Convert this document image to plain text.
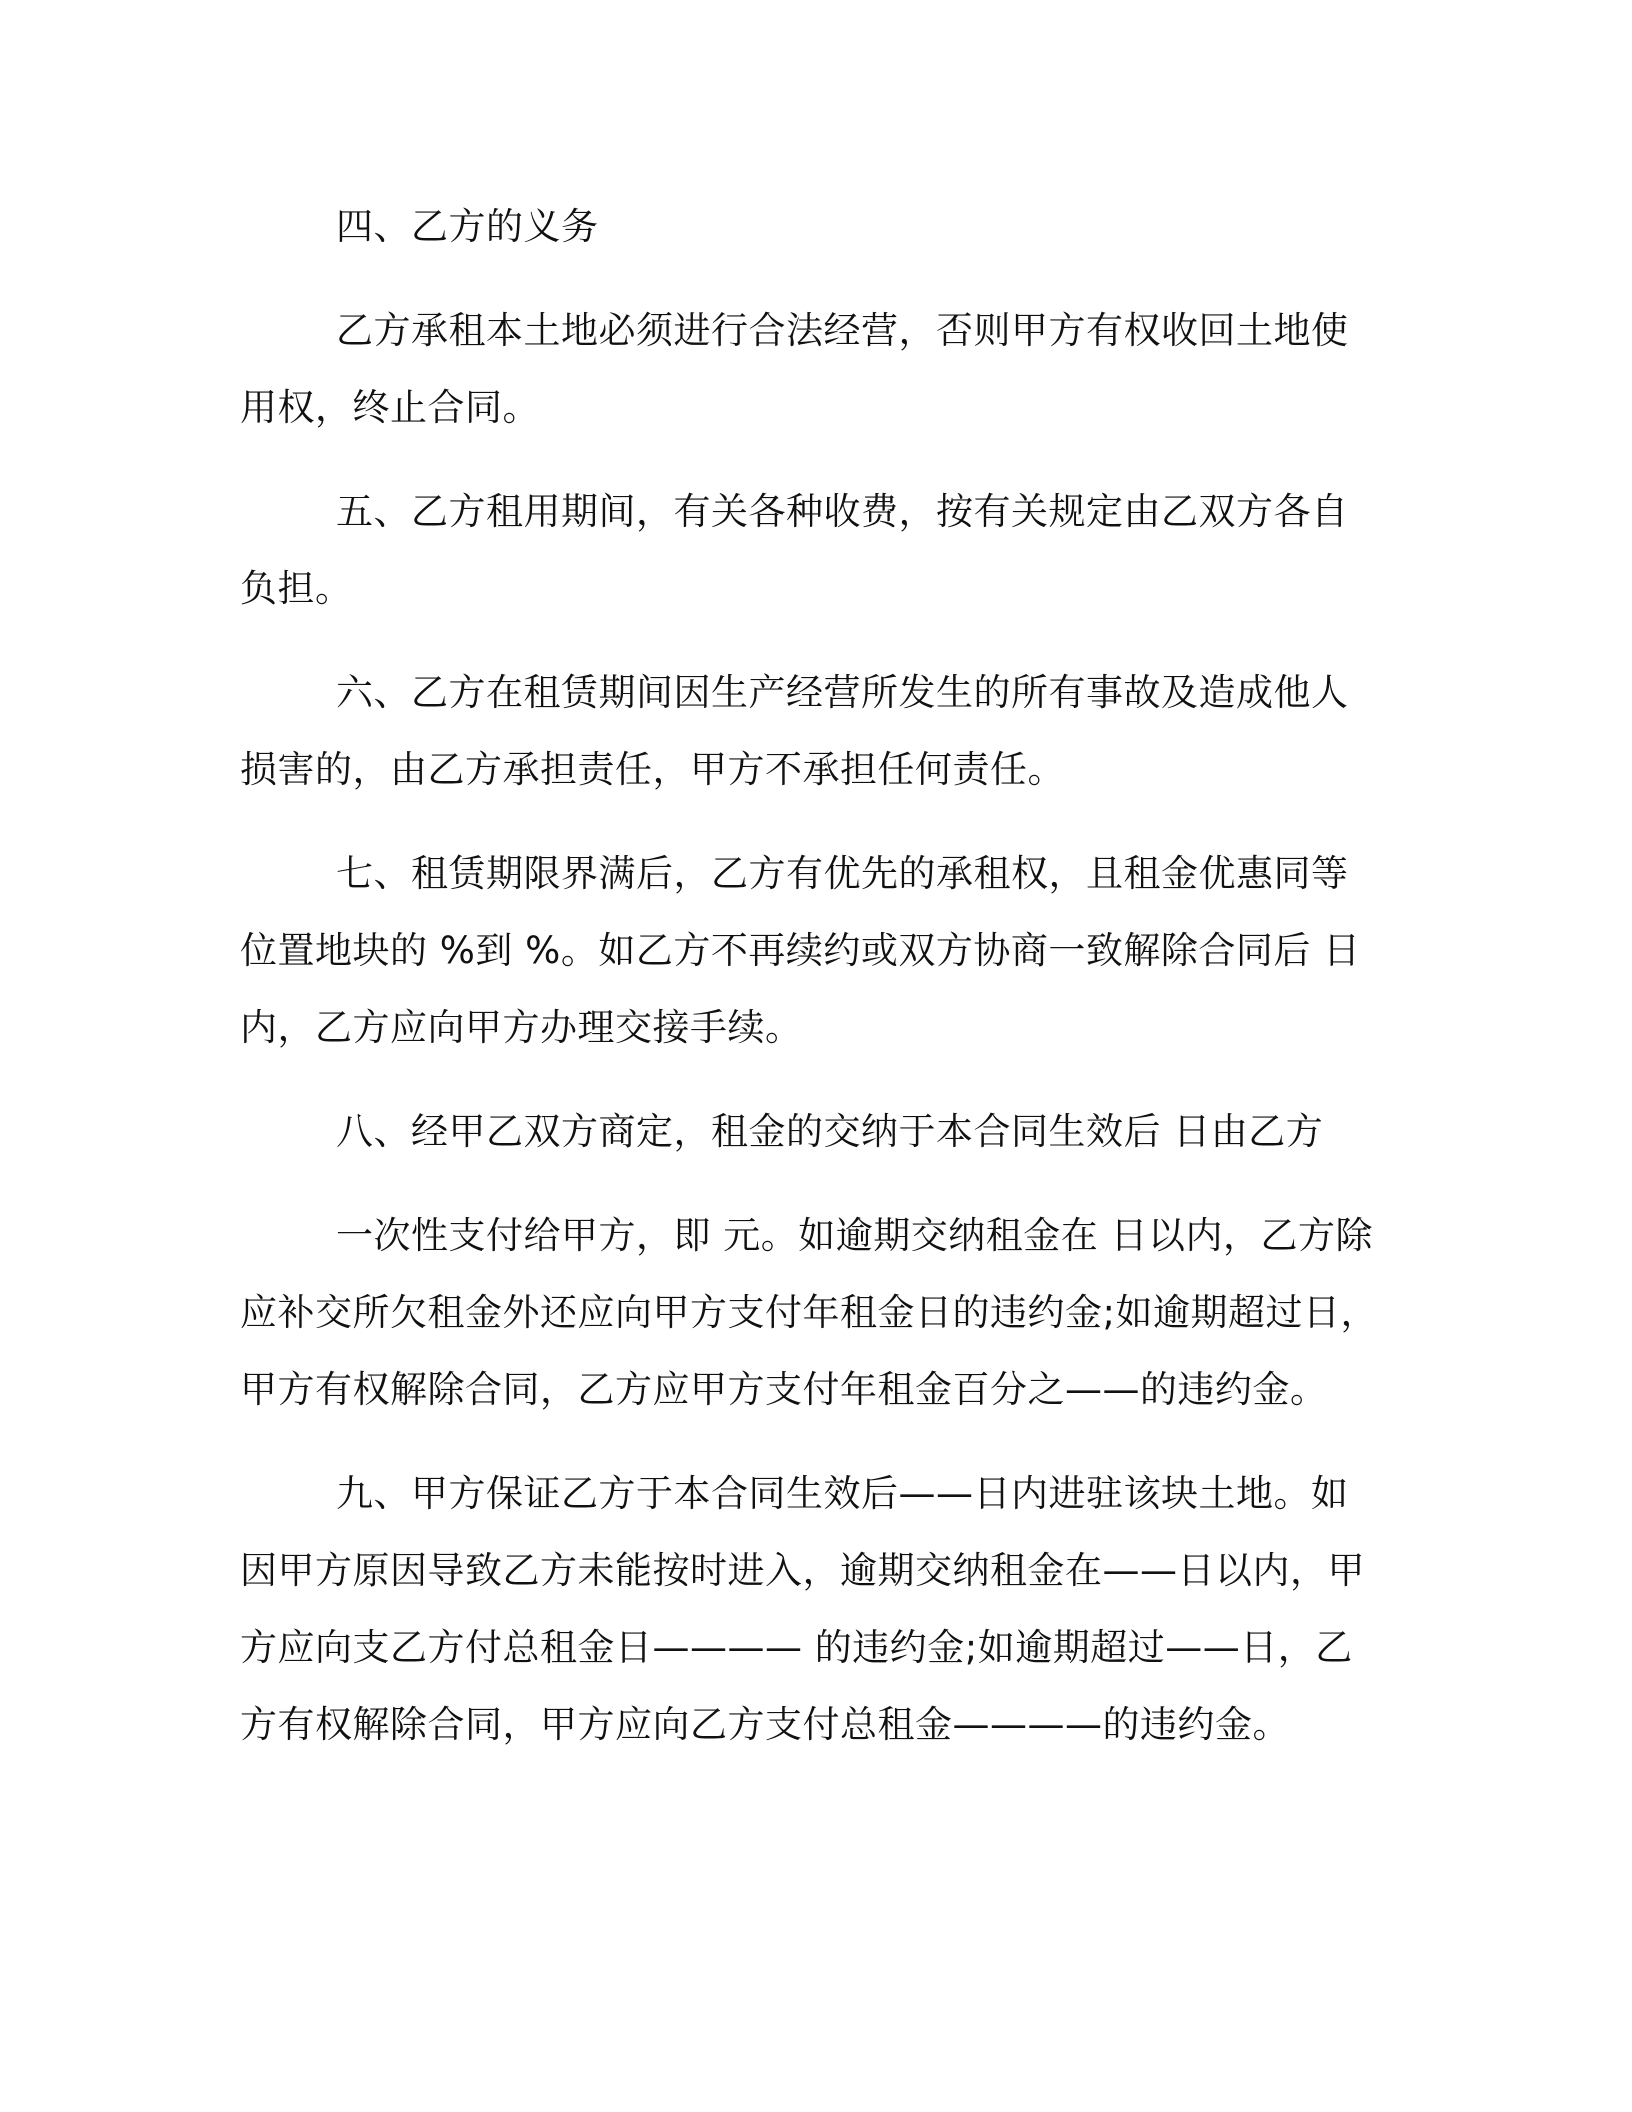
四、乙方的义务

乙方承租本土地必须进行合法经营，否则甲方有权收回土地使用权，终止合同。

五、乙方租用期间，有关各种收费，按有关规定由乙双方各自负担。

六、乙方在租赁期间因生产经营所发生的所有事故及造成他人损害的，由乙方承担责任，甲方不承担任何责任。

七、租赁期限界满后，乙方有优先的承租权，且租金优惠同等位置地块的 %到 %。如乙方不再续约或双方协商一致解除合同后 日内，乙方应向甲方办理交接手续。

八、经甲乙双方商定，租金的交纳于本合同生效后 日由乙方

一次性支付给甲方，即 元。如逾期交纳租金在 日以内，乙方除应补交所欠租金外还应向甲方支付年租金日的违约金;如逾期超过日，甲方有权解除合同，乙方应甲方支付年租金百分之——的违约金。

九、甲方保证乙方于本合同生效后——日内进驻该块土地。如因甲方原因导致乙方未能按时进入，逾期交纳租金在——日以内，甲方应向支乙方付总租金日———— 的违约金;如逾期超过——日，乙方有权解除合同，甲方应向乙方支付总租金————的违约金。
